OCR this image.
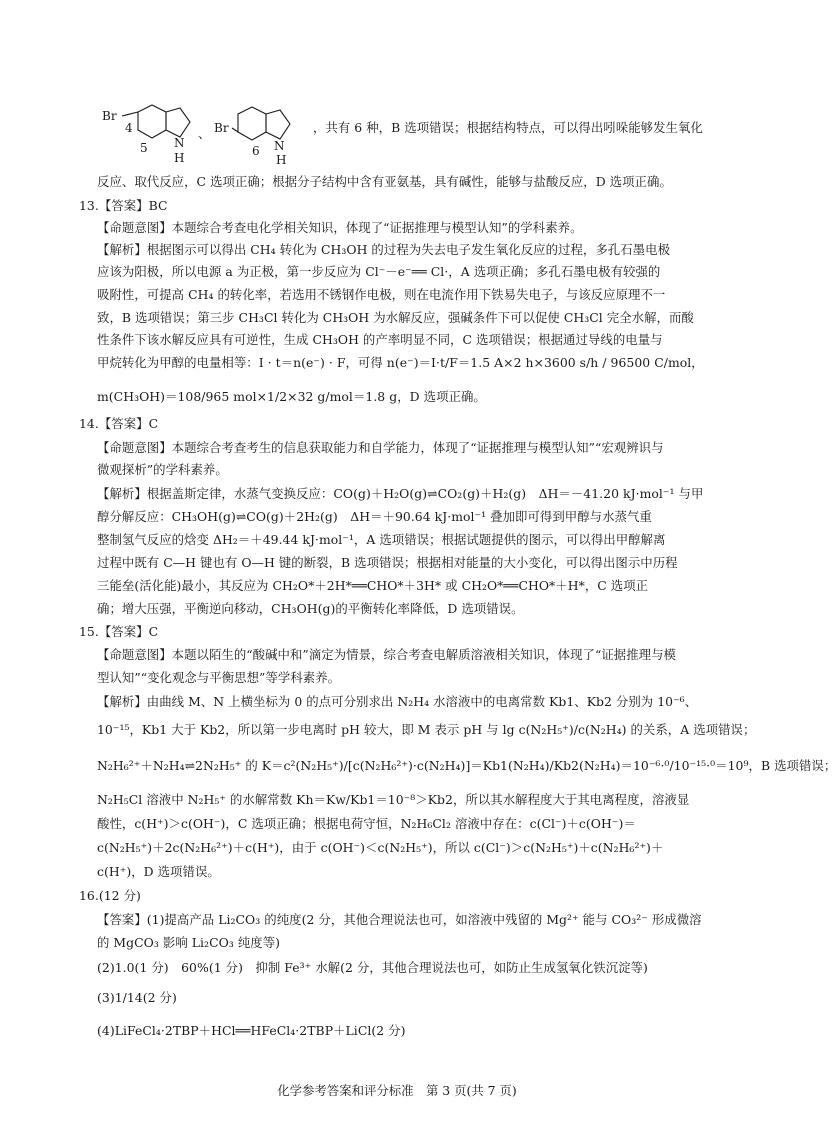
Br
4
5 N
H
、 Br
6 N
H
，共有 6 种，B 选项错误；根据结构特点，可以得出吲哚能够发生氧化
反应、取代反应，C 选项正确；根据分子结构中含有亚氨基，具有碱性，能够与盐酸反应，D 选项正确。
13.【答案】BC
【命题意图】本题综合考查电化学相关知识，体现了“证据推理与模型认知”的学科素养。
【解析】根据图示可以得出 CH₄ 转化为 CH₃OH 的过程为失去电子发生氧化反应的过程，多孔石墨电极
应该为阳极，所以电源 a 为正极，第一步反应为 Cl⁻－e⁻══ Cl·，A 选项正确；多孔石墨电极有较强的
吸附性，可提高 CH₄ 的转化率，若选用不锈钢作电极，则在电流作用下铁易失电子，与该反应原理不一
致，B 选项错误；第三步 CH₃Cl 转化为 CH₃OH 为水解反应，强碱条件下可以促使 CH₃Cl 完全水解，而酸
性条件下该水解反应具有可逆性，生成 CH₃OH 的产率明显不同，C 选项错误；根据通过导线的电量与
甲烷转化为甲醇的电量相等：I · t＝n(e⁻) · F，可得 n(e⁻)＝I·t/F＝1.5 A×2 h×3600 s/h / 96500 C/mol，
m(CH₃OH)＝108/965 mol×1/2×32 g/mol＝1.8 g，D 选项正确。
14.【答案】C
【命题意图】本题综合考查考生的信息获取能力和自学能力，体现了“证据推理与模型认知”“宏观辨识与
微观探析”的学科素养。
【解析】根据盖斯定律，水蒸气变换反应：CO(g)＋H₂O(g)⇌CO₂(g)＋H₂(g)　ΔH＝－41.20 kJ·mol⁻¹ 与甲
醇分解反应：CH₃OH(g)⇌CO(g)＋2H₂(g)　ΔH＝＋90.64 kJ·mol⁻¹ 叠加即可得到甲醇与水蒸气重
整制氢气反应的焓变 ΔH₂＝＋49.44 kJ·mol⁻¹，A 选项错误；根据试题提供的图示，可以得出甲醇解离
过程中既有 C—H 键也有 O—H 键的断裂，B 选项错误；根据相对能量的大小变化，可以得出图示中历程
三能垒(活化能)最小，其反应为 CH₂O*＋2H*══CHO*＋3H* 或 CH₂O*══CHO*＋H*，C 选项正
确；增大压强，平衡逆向移动，CH₃OH(g)的平衡转化率降低，D 选项错误。
15.【答案】C
【命题意图】本题以陌生的“酸碱中和”滴定为情景，综合考查电解质溶液相关知识，体现了“证据推理与模
型认知”“变化观念与平衡思想”等学科素养。
【解析】由曲线 M、N 上横坐标为 0 的点可分别求出 N₂H₄ 水溶液中的电离常数 Kb1、Kb2 分别为 10⁻⁶、
10⁻¹⁵，Kb1 大于 Kb2，所以第一步电离时 pH 较大，即 M 表示 pH 与 lg c(N₂H₅⁺)/c(N₂H₄) 的关系，A 选项错误；
N₂H₆²⁺＋N₂H₄⇌2N₂H₅⁺ 的 K＝c²(N₂H₅⁺)/[c(N₂H₆²⁺)·c(N₂H₄)]＝Kb1(N₂H₄)/Kb2(N₂H₄)＝10⁻⁶·⁰/10⁻¹⁵·⁰＝10⁹，B 选项错误；
N₂H₅Cl 溶液中 N₂H₅⁺ 的水解常数 Kh＝Kw/Kb1＝10⁻⁸＞Kb2，所以其水解程度大于其电离程度，溶液显
酸性，c(H⁺)＞c(OH⁻)，C 选项正确；根据电荷守恒，N₂H₆Cl₂ 溶液中存在：c(Cl⁻)＋c(OH⁻)＝
c(N₂H₅⁺)＋2c(N₂H₆²⁺)＋c(H⁺)，由于 c(OH⁻)＜c(N₂H₅⁺)，所以 c(Cl⁻)＞c(N₂H₅⁺)＋c(N₂H₆²⁺)＋
c(H⁺)，D 选项错误。
16.(12 分)
【答案】(1)提高产品 Li₂CO₃ 的纯度(2 分，其他合理说法也可，如溶液中残留的 Mg²⁺ 能与 CO₃²⁻ 形成微溶
的 MgCO₃ 影响 Li₂CO₃ 纯度等)
(2)1.0(1 分)　60%(1 分)　抑制 Fe³⁺ 水解(2 分，其他合理说法也可，如防止生成氢氧化铁沉淀等)
(3)1/14(2 分)
(4)LiFeCl₄·2TBP＋HCl══HFeCl₄·2TBP＋LiCl(2 分)
化学参考答案和评分标准　第 3 页(共 7 页)
